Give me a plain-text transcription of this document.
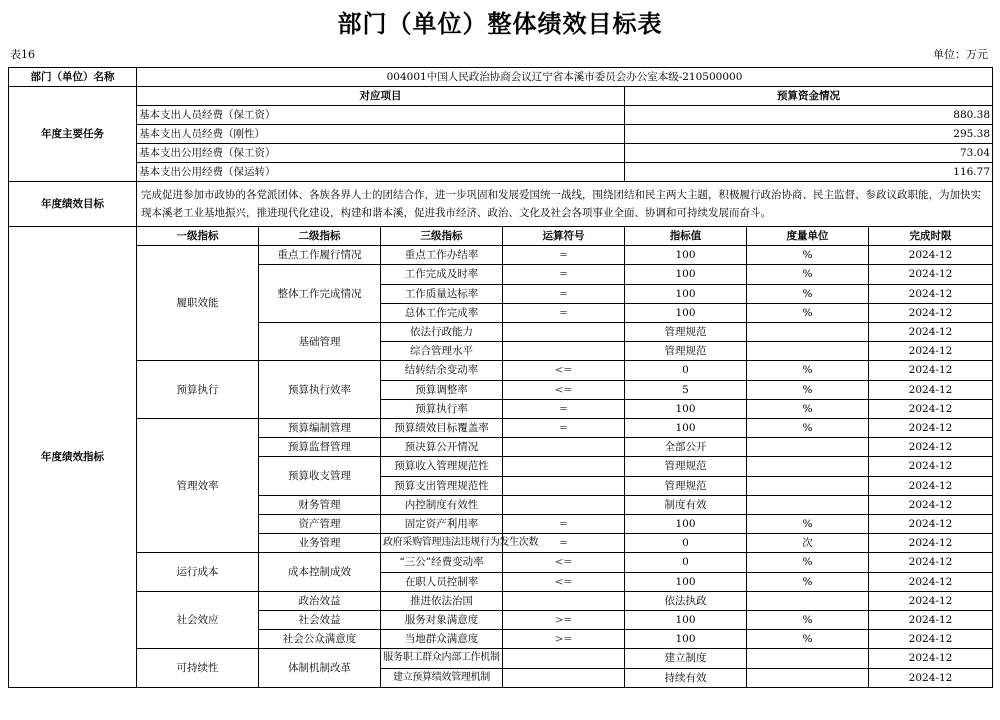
部门（单位）整体绩效目标表
表16	单位：万元
部门（单位）名称	004001中国人民政治协商会议辽宁省本溪市委员会办公室本级-210500000	
年度主要任务	对应项目	预算资金情况
	基本支出人员经费（保工资）	880.38
	基本支出人员经费（刚性）	295.38
	基本支出公用经费（保工资）	73.04
	基本支出公用经费（保运转）	116.77
年度绩效目标	完成促进参加市政协的各党派团体、各族各界人士的团结合作，进一步巩固和发展爱国统一战线，围绕团结和民主两大主题，积极履行政治协商、民主监督、参政议政职能，为加快实现本溪老工业基地振兴，推进现代化建设，构建和谐本溪，促进我市经济、政治、文化及社会各项事业全面、协调和可持续发展而奋斗。	
年度绩效指标	一级指标	二级指标	三级指标	运算符号	指标值	度量单位	完成时限
	履职效能	重点工作履行情况	重点工作办结率	=	100	%	2024-12
		整体工作完成情况	工作完成及时率	=	100	%	2024-12
			工作质量达标率	=	100	%	2024-12
			总体工作完成率	=	100	%	2024-12
		基础管理	依法行政能力		管理规范		2024-12
			综合管理水平		管理规范		2024-12
	预算执行	预算执行效率	结转结余变动率	<=	0	%	2024-12
			预算调整率	<=	5	%	2024-12
			预算执行率	=	100	%	2024-12
	管理效率	预算编制管理	预算绩效目标覆盖率	=	100	%	2024-12
		预算监督管理	预决算公开情况		全部公开		2024-12
		预算收支管理	预算收入管理规范性		管理规范		2024-12
			预算支出管理规范性		管理规范		2024-12
		财务管理	内控制度有效性		制度有效		2024-12
		资产管理	固定资产利用率	=	100	%	2024-12
		业务管理	政府采购管理违法违规行为发生次数	=	0	次	2024-12
	运行成本	成本控制成效	“三公”经费变动率	<=	0	%	2024-12
			在职人员控制率	<=	100	%	2024-12
	社会效应	政治效益	推进依法治国		依法执政		2024-12
		社会效益	服务对象满意度	>=	100	%	2024-12
		社会公众满意度	当地群众满意度	>=	100	%	2024-12
	可持续性	体制机制改革	服务职工群众内部工作机制		建立制度		2024-12
			建立预算绩效管理机制		持续有效		2024-12
